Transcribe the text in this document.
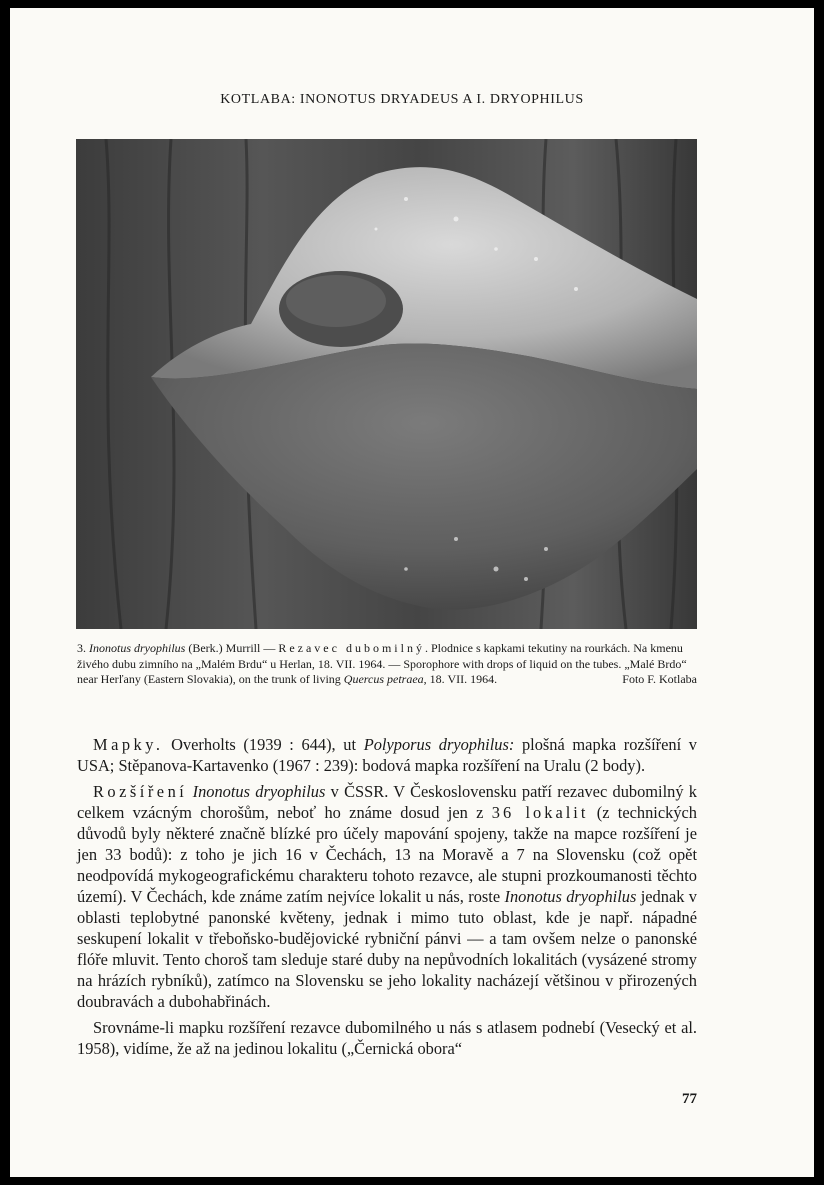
KOTLABA: INONOTUS DRYADEUS A I. DRYOPHILUS

3. Inonotus dryophilus (Berk.) Murrill — Rezavec dubomilný. Plodnice s kapkami tekutiny na rourkách. Na kmenu živého dubu zimního na „Malém Brdu“ u Herlan, 18. VII. 1964. — Sporophore with drops of liquid on the tubes. „Malé Brdo“ near Herľany (Eastern Slovakia), on the trunk of living Quercus petraea, 18. VII. 1964.	Foto F. Kotlaba

Mapky. Overholts (1939 : 644), ut Polyporus dryophilus: plošná mapka rozšíření v USA; Stěpanova-Kartavenko (1967 : 239): bodová mapka rozšíření na Uralu (2 body).

Rozšíření Inonotus dryophilus v ČSSR. V Československu patří rezavec dubomilný k celkem vzácným chorošům, neboť ho známe dosud jen z 36 lokalit (z technických důvodů byly některé značně blízké pro účely mapování spojeny, takže na mapce rozšíření je jen 33 bodů): z toho je jich 16 v Čechách, 13 na Moravě a 7 na Slovensku (což opět neodpovídá mykogeografickému charakteru tohoto rezavce, ale stupni prozkoumanosti těchto území). V Čechách, kde známe zatím nejvíce lokalit u nás, roste Inonotus dryophilus jednak v oblasti teplobytné panonské květeny, jednak i mimo tuto oblast, kde je např. nápadné seskupení lokalit v třeboňsko-budějovické rybniční pánvi — a tam ovšem nelze o panonské flóře mluvit. Tento choroš tam sleduje staré duby na nepůvodních lokalitách (vysázené stromy na hrázích rybníků), zatímco na Slovensku se jeho lokality nacházejí většinou v přirozených doubravách a dubohabřinách.

Srovnáme-li mapku rozšíření rezavce dubomilného u nás s atlasem podnebí (Vesecký et al. 1958), vidíme, že až na jedinou lokalitu („Černická obora“

77
